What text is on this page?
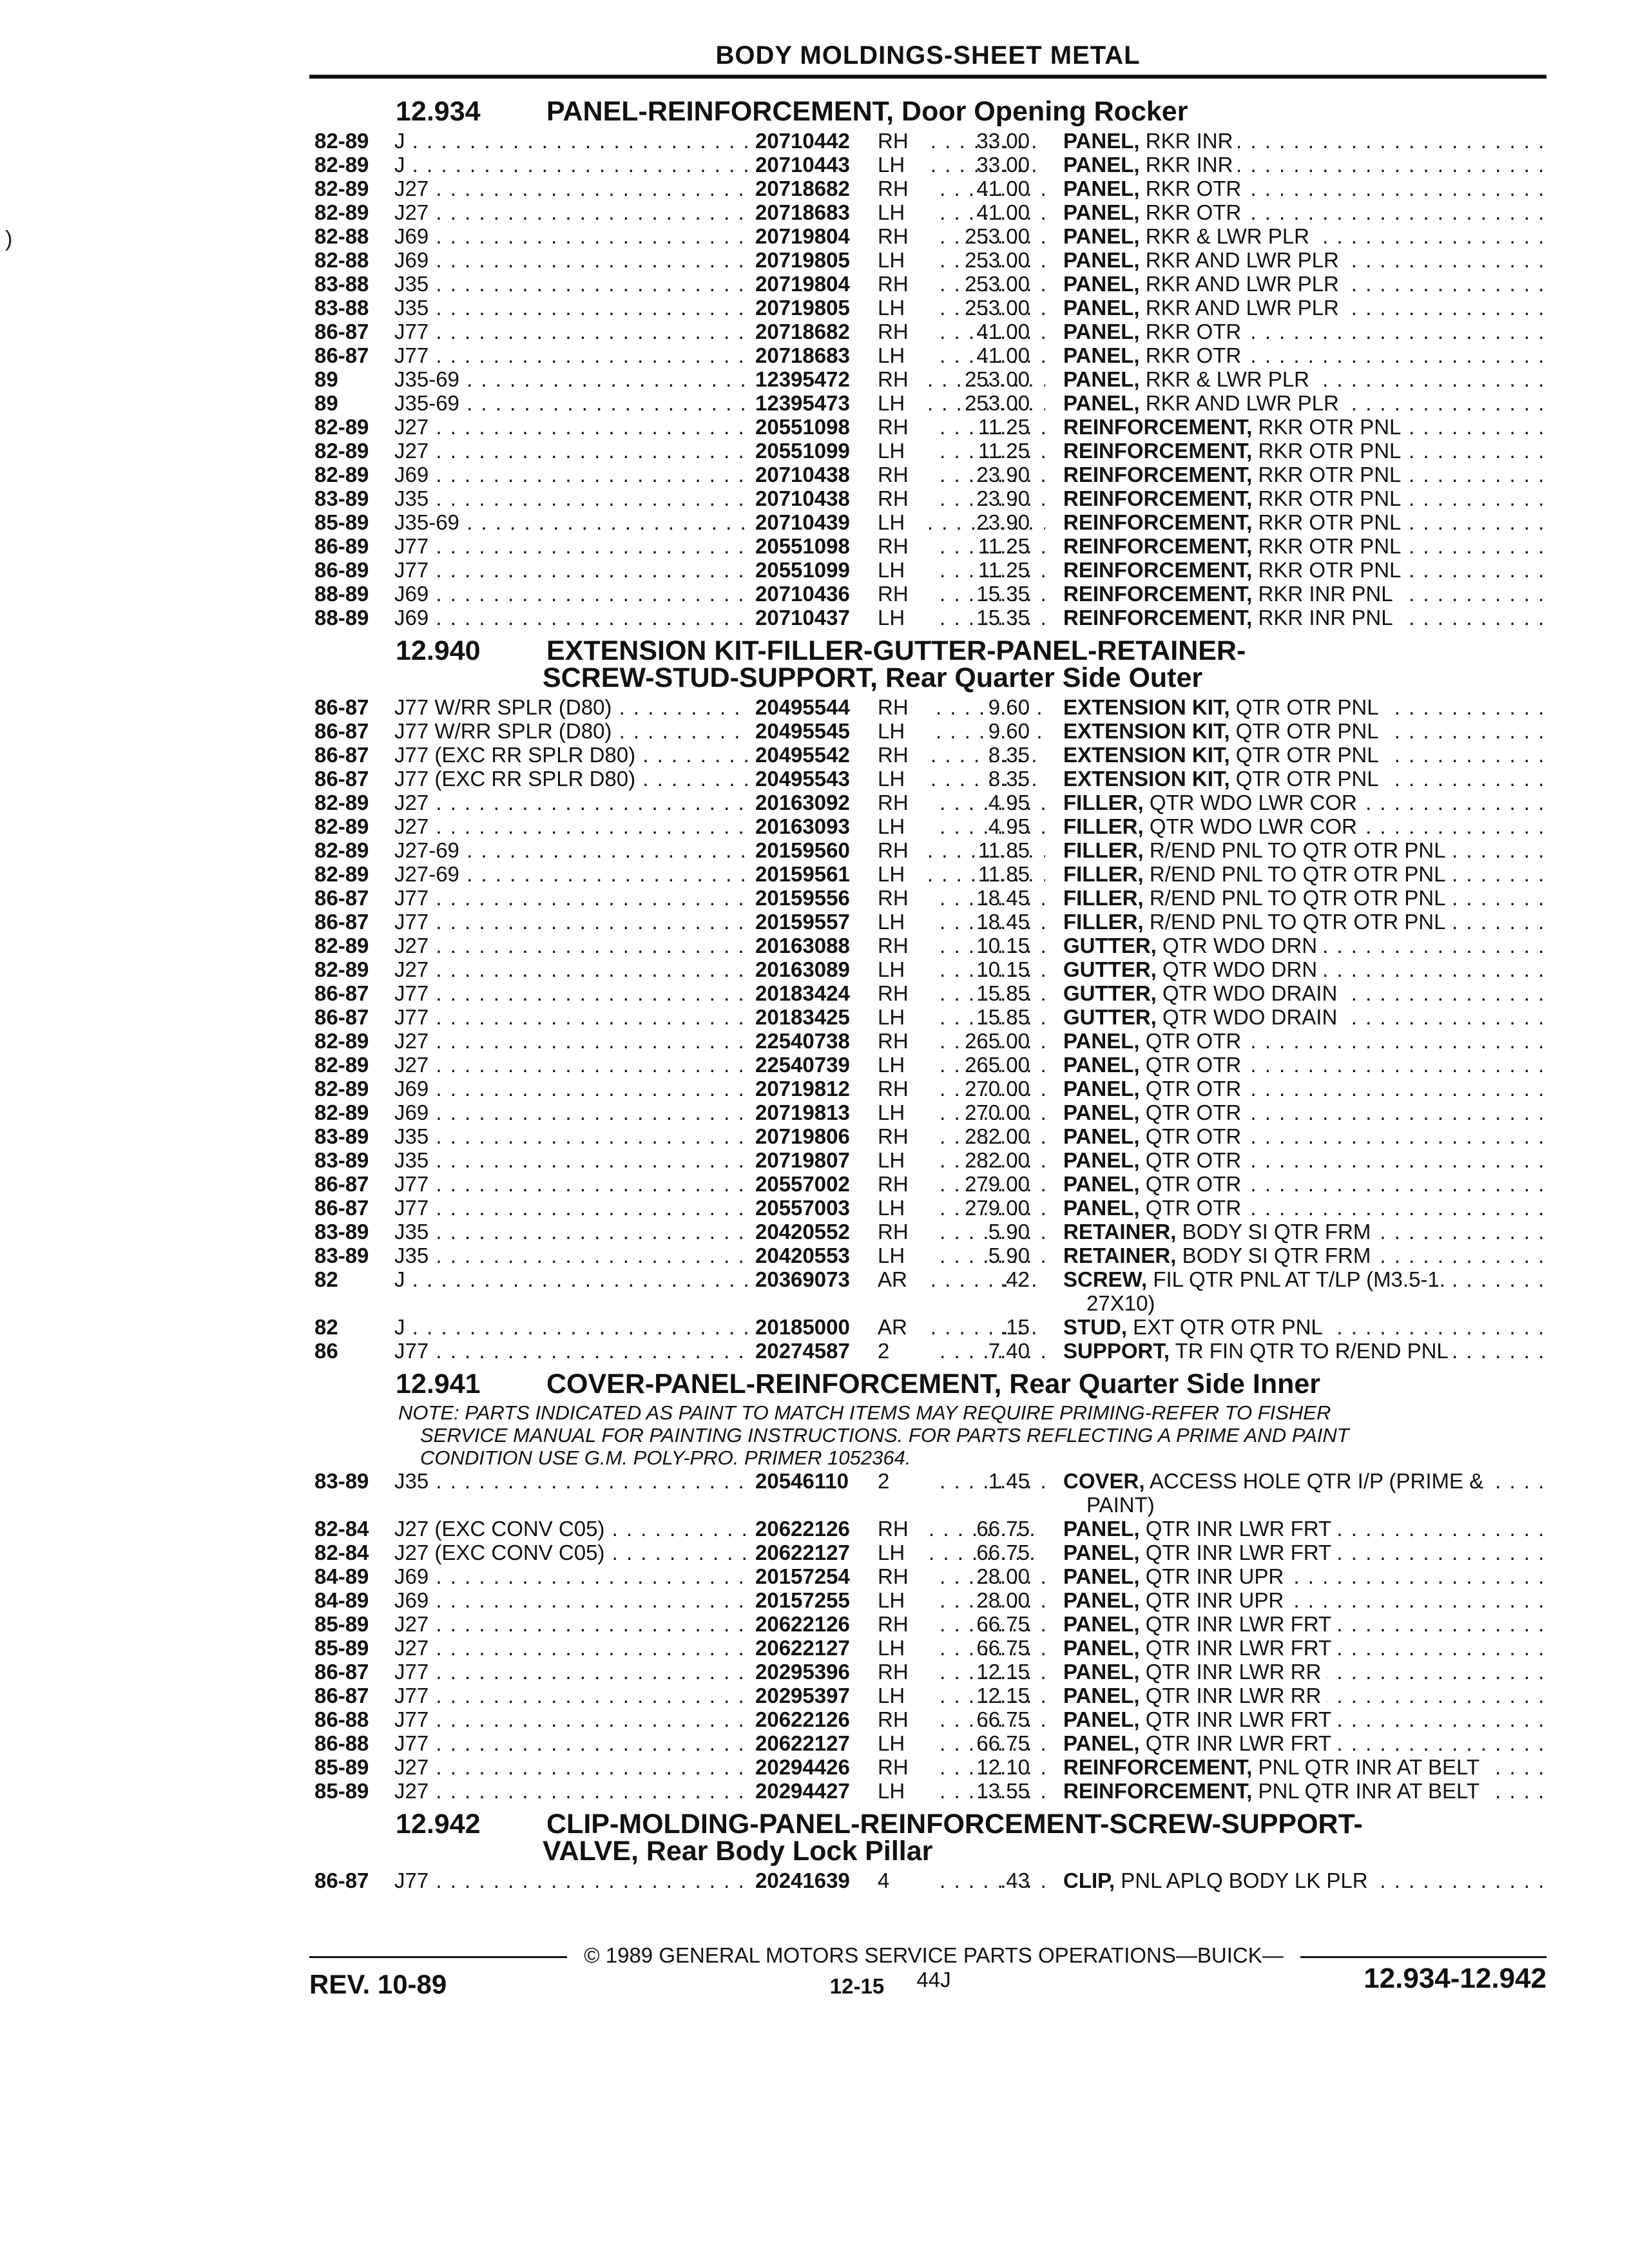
BODY MOLDINGS-SHEET METAL
12.934 PANEL-REINFORCEMENT, Door Opening Rocker
82-89	J . . .	20710442	RH	33.00 PANEL, RKR INR . . .
82-89	J . . .	20710443	LH	33.00 PANEL, RKR INR . . .
82-89	J27 . . .	20718682	RH	41.00 PANEL, RKR OTR . . .
82-89	J27 . . .	20718683	LH	41.00 PANEL, RKR OTR . . .
82-88	J69 . . .	20719804	RH	253.00 PANEL, RKR & LWR PLR . . .
82-88	J69 . . .	20719805	LH	253.00 PANEL, RKR AND LWR PLR . . .
83-88	J35 . . .	20719804	RH	253.00 PANEL, RKR AND LWR PLR . . .
83-88	J35 . . .	20719805	LH	253.00 PANEL, RKR AND LWR PLR . . .
86-87	J77 . . .	20718682	RH	41.00 PANEL, RKR OTR . . .
86-87	J77 . . .	20718683	LH	41.00 PANEL, RKR OTR . . .
89	J35-69 . . .	12395472	RH	253.00 PANEL, RKR & LWR PLR . . .
89	J35-69 . . .	12395473	LH	253.00 PANEL, RKR AND LWR PLR . . .
82-89	J27 . . .	20551098	RH	11.25 REINFORCEMENT, RKR OTR PNL . . .
82-89	J27 . . .	20551099	LH	11.25 REINFORCEMENT, RKR OTR PNL . . .
82-89	J69 . . .	20710438	RH	23.90 REINFORCEMENT, RKR OTR PNL . . .
83-89	J35 . . .	20710438	RH	23.90 REINFORCEMENT, RKR OTR PNL . . .
85-89	J35-69 . . .	20710439	LH	23.90 REINFORCEMENT, RKR OTR PNL . . .
86-89	J77 . . .	20551098	RH	11.25 REINFORCEMENT, RKR OTR PNL . . .
86-89	J77 . . .	20551099	LH	11.25 REINFORCEMENT, RKR OTR PNL . . .
88-89	J69 . . .	20710436	RH	15.35 REINFORCEMENT, RKR INR PNL . . .
88-89	J69 . . .	20710437	LH	15.35 REINFORCEMENT, RKR INR PNL . . .
12.940 EXTENSION KIT-FILLER-GUTTER-PANEL-RETAINER-
SCREW-STUD-SUPPORT, Rear Quarter Side Outer
86-87	J77 W/RR SPLR (D80) . . .	20495544	RH	9.60 EXTENSION KIT, QTR OTR PNL . . .
86-87	J77 W/RR SPLR (D80) . . .	20495545	LH	9.60 EXTENSION KIT, QTR OTR PNL . . .
86-87	J77 (EXC RR SPLR D80) . . .	20495542	RH	8.35 EXTENSION KIT, QTR OTR PNL . . .
86-87	J77 (EXC RR SPLR D80) . . .	20495543	LH	8.35 EXTENSION KIT, QTR OTR PNL . . .
82-89	J27 . . .	20163092	RH	4.95 FILLER, QTR WDO LWR COR . . .
82-89	J27 . . .	20163093	LH	4.95 FILLER, QTR WDO LWR COR . . .
82-89	J27-69 . . .	20159560	RH	11.85 FILLER, R/END PNL TO QTR OTR PNL . . .
82-89	J27-69 . . .	20159561	LH	11.85 FILLER, R/END PNL TO QTR OTR PNL . . .
86-87	J77 . . .	20159556	RH	18.45 FILLER, R/END PNL TO QTR OTR PNL . . .
86-87	J77 . . .	20159557	LH	18.45 FILLER, R/END PNL TO QTR OTR PNL . . .
82-89	J27 . . .	20163088	RH	10.15 GUTTER, QTR WDO DRN . . .
82-89	J27 . . .	20163089	LH	10.15 GUTTER, QTR WDO DRN . . .
86-87	J77 . . .	20183424	RH	15.85 GUTTER, QTR WDO DRAIN . . .
86-87	J77 . . .	20183425	LH	15.85 GUTTER, QTR WDO DRAIN . . .
82-89	J27 . . .	22540738	RH	265.00 PANEL, QTR OTR . . .
82-89	J27 . . .	22540739	LH	265.00 PANEL, QTR OTR . . .
82-89	J69 . . .	20719812	RH	270.00 PANEL, QTR OTR . . .
82-89	J69 . . .	20719813	LH	270.00 PANEL, QTR OTR . . .
83-89	J35 . . .	20719806	RH	282.00 PANEL, QTR OTR . . .
83-89	J35 . . .	20719807	LH	282.00 PANEL, QTR OTR . . .
86-87	J77 . . .	20557002	RH	279.00 PANEL, QTR OTR . . .
86-87	J77 . . .	20557003	LH	279.00 PANEL, QTR OTR . . .
83-89	J35 . . .	20420552	RH	5.90 RETAINER, BODY SI QTR FRM . . .
83-89	J35 . . .	20420553	LH	5.90 RETAINER, BODY SI QTR FRM . . .
82	J . . .	20369073	AR	.42 SCREW, FIL QTR PNL AT T/LP (M3.5-1.
27X10)
. . .
82	J . . .	20185000	AR	.15 STUD, EXT QTR OTR PNL . . .
86	J77 . . .	20274587	2	7.40 SUPPORT, TR FIN QTR TO R/END PNL . . .
12.941 COVER-PANEL-REINFORCEMENT, Rear Quarter Side Inner
NOTE: PARTS INDICATED AS PAINT TO MATCH ITEMS MAY REQUIRE PRIMING-REFER TO FISHER
SERVICE MANUAL FOR PAINTING INSTRUCTIONS. FOR PARTS REFLECTING A PRIME AND PAINT
CONDITION USE G.M. POLY-PRO. PRIMER 1052364.
83-89	J35 . . .	20546110	2	1.45 COVER, ACCESS HOLE QTR I/P (PRIME &
PAINT)
. . .
82-84	J27 (EXC CONV C05) . . .	20622126	RH	66.75 PANEL, QTR INR LWR FRT . . .
82-84	J27 (EXC CONV C05) . . .	20622127	LH	66.75 PANEL, QTR INR LWR FRT . . .
84-89	J69 . . .	20157254	RH	28.00 PANEL, QTR INR UPR . . .
84-89	J69 . . .	20157255	LH	28.00 PANEL, QTR INR UPR . . .
85-89	J27 . . .	20622126	RH	66.75 PANEL, QTR INR LWR FRT . . .
85-89	J27 . . .	20622127	LH	66.75 PANEL, QTR INR LWR FRT . . .
86-87	J77 . . .	20295396	RH	12.15 PANEL, QTR INR LWR RR . . .
86-87	J77 . . .	20295397	LH	12.15 PANEL, QTR INR LWR RR . . .
86-88	J77 . . .	20622126	RH	66.75 PANEL, QTR INR LWR FRT . . .
86-88	J77 . . .	20622127	LH	66.75 PANEL, QTR INR LWR FRT . . .
85-89	J27 . . .	20294426	RH	12.10 REINFORCEMENT, PNL QTR INR AT BELT . . .
85-89	J27 . . .	20294427	LH	13.55 REINFORCEMENT, PNL QTR INR AT BELT . . .
12.942 CLIP-MOLDING-PANEL-REINFORCEMENT-SCREW-SUPPORT-
VALVE, Rear Body Lock Pillar
86-87	J77 . . .	20241639	4	.43 CLIP, PNL APLQ BODY LK PLR . . .
)
© 1989 GENERAL MOTORS SERVICE PARTS OPERATIONS—BUICK—44J
REV. 10-89	12-15	12.934-12.942
